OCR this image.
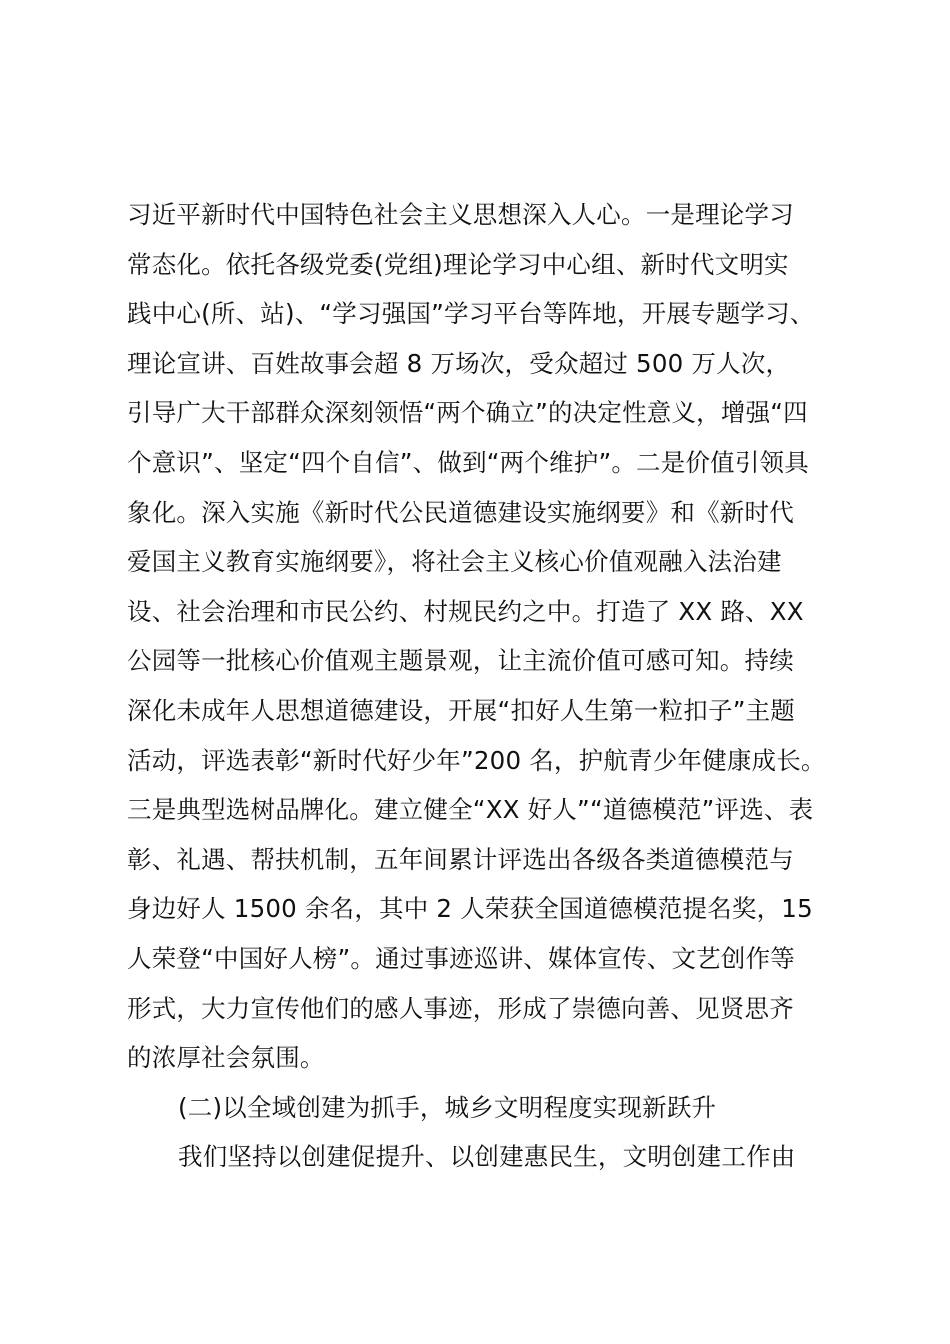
习近平新时代中国特色社会主义思想深入人心。一是理论学习
常态化。依托各级党委(党组)理论学习中心组、新时代文明实
践中心(所、站)、“学习强国”学习平台等阵地，开展专题学习、
理论宣讲、百姓故事会超 8 万场次，受众超过 500 万人次，
引导广大干部群众深刻领悟“两个确立”的决定性意义，增强“四
个意识”、坚定“四个自信”、做到“两个维护”。二是价值引领具
象化。深入实施《新时代公民道德建设实施纲要》和《新时代
爱国主义教育实施纲要》，将社会主义核心价值观融入法治建
设、社会治理和市民公约、村规民约之中。打造了 XX 路、XX
公园等一批核心价值观主题景观，让主流价值可感可知。持续
深化未成年人思想道德建设，开展“扣好人生第一粒扣子”主题
活动，评选表彰“新时代好少年”200 名，护航青少年健康成长。
三是典型选树品牌化。建立健全“XX 好人”“道德模范”评选、表
彰、礼遇、帮扶机制，五年间累计评选出各级各类道德模范与
身边好人 1500 余名，其中 2 人荣获全国道德模范提名奖，15
人荣登“中国好人榜”。通过事迹巡讲、媒体宣传、文艺创作等
形式，大力宣传他们的感人事迹，形成了崇德向善、见贤思齐
的浓厚社会氛围。
(二)以全域创建为抓手，城乡文明程度实现新跃升
我们坚持以创建促提升、以创建惠民生，文明创建工作由
